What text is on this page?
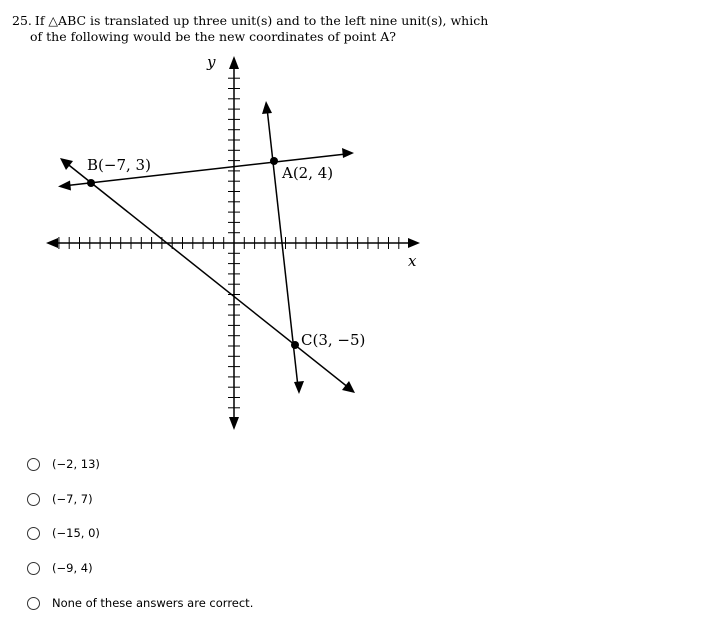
25. If △ABC is translated up three unit(s) and to the left nine unit(s), which
of the following would be the new coordinates of point A?
x
y
B(−7, 3)	A(2, 4)
C(3, −5)
(−2, 13)
(−7, 7)
(−15, 0)
(−9, 4)
None of these answers are correct.
